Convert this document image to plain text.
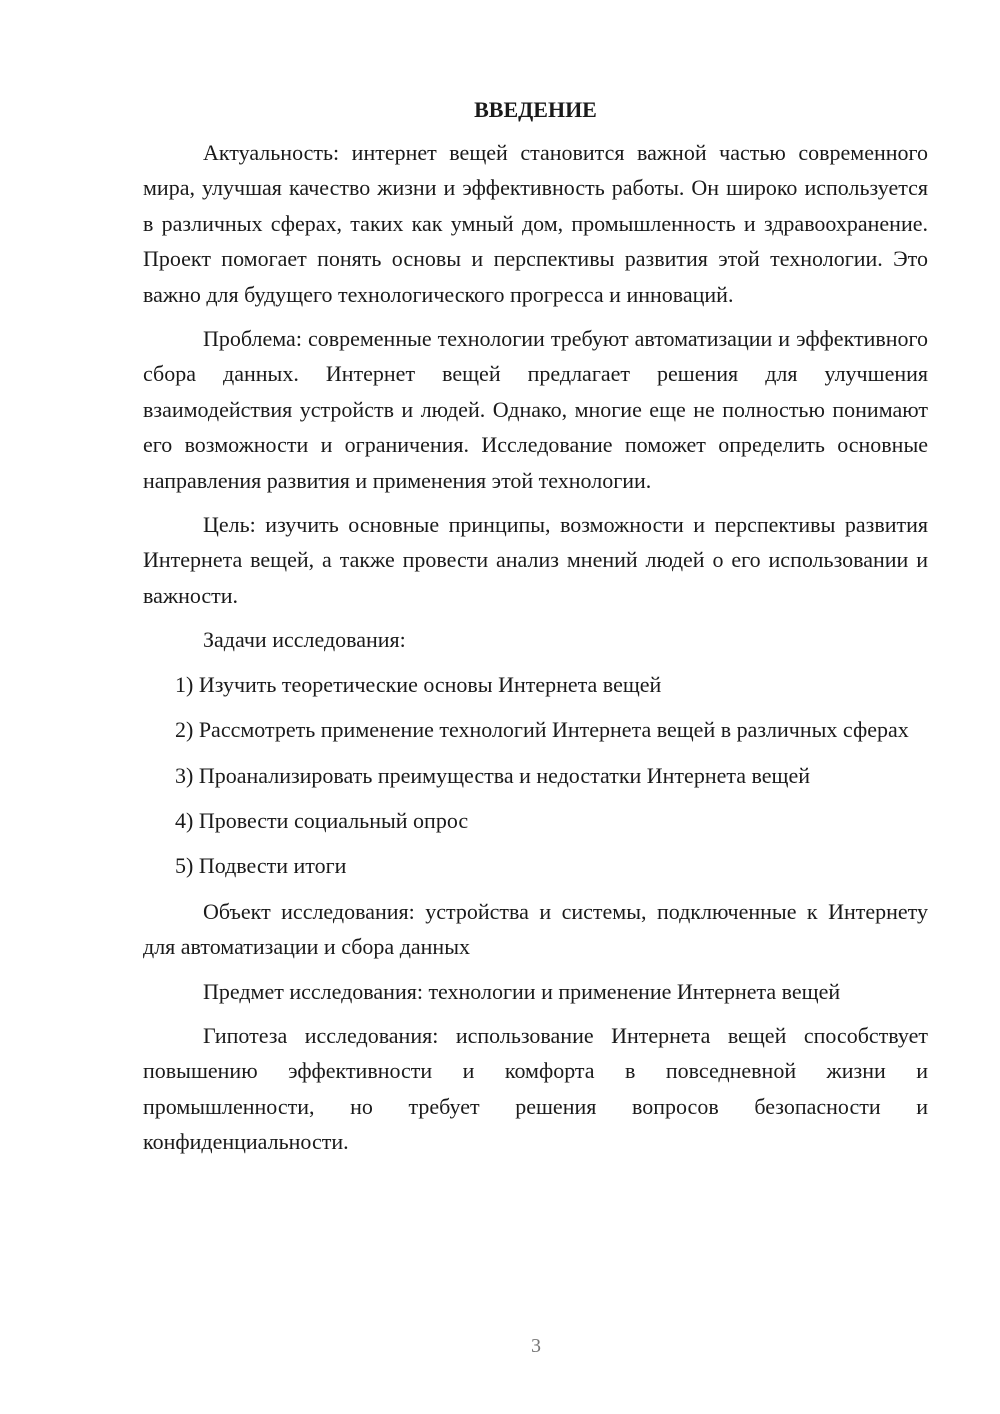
ВВЕДЕНИЕ

Актуальность: интернет вещей становится важной частью современного мира, улучшая качество жизни и эффективность работы. Он широко используется в различных сферах, таких как умный дом, промышленность и здравоохранение. Проект помогает понять основы и перспективы развития этой технологии. Это важно для будущего технологического прогресса и инноваций.

Проблема: современные технологии требуют автоматизации и эффективного сбора данных. Интернет вещей предлагает решения для улучшения взаимодействия устройств и людей. Однако, многие еще не полностью понимают его возможности и ограничения. Исследование поможет определить основные направления развития и применения этой технологии.

Цель: изучить основные принципы, возможности и перспективы развития Интернета вещей, а также провести анализ мнений людей о его использовании и важности.

Задачи исследования:

1) Изучить теоретические основы Интернета вещей

2) Рассмотреть применение технологий Интернета вещей в различных сферах

3) Проанализировать преимущества и недостатки Интернета вещей

4) Провести социальный опрос

5) Подвести итоги

Объект исследования: устройства и системы, подключенные к Интернету для автоматизации и сбора данных

Предмет исследования: технологии и применение Интернета вещей

Гипотеза исследования: использование Интернета вещей способствует повышению эффективности и комфорта в повседневной жизни и промышленности, но требует решения вопросов безопасности и конфиденциальности.

3
